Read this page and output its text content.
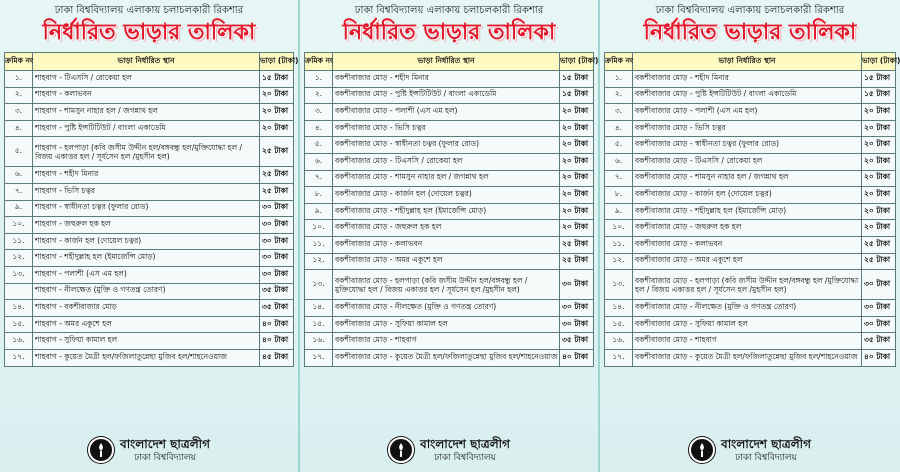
ঢাকা বিশ্ববিদ্যালয় এলাকায় চলাচলকারী রিকশার
নির্ধারিত ভাড়ার তালিকা
ক্রমিক নং	ভাড়া নির্ধারিত স্থান	ভাড়া (টাকা)
১.	শাহবাগ - টিএসসি / রোকেয়া হল	১৫ টাকা
২.	শাহবাগ - কলাভবন	২০ টাকা
৩.	শাহবাগ - শামসুন নাহার হল / জগন্নাথ হল	২০ টাকা
৪.	শাহবাগ - পুষ্টি ইন্সটিটিউট / বাংলা একাডেমি	২০ টাকা
৫.	শাহবাগ - হলপাড়া (কবি জসীম উদ্দীন হল/বঙ্গবন্ধু হল/মুক্তিযোদ্ধা হল / বিজয় একাত্তর হল / সূর্যসেন হল /মুহসীন হল)	২৫ টাকা
৬.	শাহবাগ - শহীদ মিনার	২৫ টাকা
৭.	শাহবাগ - ভিসি চত্বর	২৫ টাকা
৯.	শাহবাগ - স্বাধীনতা চত্বর (ফুলার রোড)	৩০ টাকা
১০.	শাহবাগ - জহুরুল হক হল	৩০ টাকা
১১.	শাহবাগ - কার্জন হল (দোয়েল চত্বর)	৩০ টাকা
১২.	শাহবাগ - শহীদুল্লাহ হল (ইমার্জেন্সি মোড়)	৩০ টাকা
১৩.	শাহবাগ - পলাশী (এস এম হল)	৩০ টাকা
	শাহবাগ - নীলক্ষেত (মুক্তি ও গণতন্ত্র তোরণ)	৩৫ টাকা
১৪.	শাহবাগ - বকশীবাজার মোড়	৩৫ টাকা
১৫.	শাহবাগ - অমর একুশে হল	৪০ টাকা
১৬.	শাহবাগ - সুফিয়া কামাল হল	৪০ টাকা
১৭.	শাহবাগ - কুয়েত মৈত্রী হল/ফজিলাতুন্নেছা মুজিব হল/শাহনেওয়াজ	৪৫ টাকা
বাংলাদেশ ছাত্রলীগ
ঢাকা বিশ্ববিদ্যালয়
ঢাকা বিশ্ববিদ্যালয় এলাকায় চলাচলকারী রিকশার
নির্ধারিত ভাড়ার তালিকা
ক্রমিক নং	ভাড়া নির্ধারিত স্থান	ভাড়া (টাকা)
১.	বকশীবাজার মোড় - শহীদ মিনার	১৫ টাকা
২.	বকশীবাজার মোড় - পুষ্টি ইন্সটিটিউট / বাংলা একাডেমি	১৫ টাকা
৩.	বকশীবাজার মোড় - পলাশী (এস এম হল)	২০ টাকা
৪.	বকশীবাজার মোড় - ভিসি চত্বর	২০ টাকা
৫.	বকশীবাজার মোড় - স্বাধীনতা চত্বর (ফুলার রোড)	২০ টাকা
৬.	বকশীবাজার মোড় - টিএসসি / রোকেয়া হল	২০ টাকা
৭.	বকশীবাজার মোড় - শামসুন নাহার হল / জগন্নাথ হল	২০ টাকা
৮.	বকশীবাজার মোড় - কার্জন হল (দোয়েল চত্বর)	২০ টাকা
৯.	বকশীবাজার মোড় - শহীদুল্লাহ হল (ইমার্জেন্সি মোড়)	২০ টাকা
১০.	বকশীবাজার মোড় - জহুরুল হক হল	২০ টাকা
১১.	বকশীবাজার মোড় - কলাভবন	২৫ টাকা
১২.	বকশীবাজার মোড় - অমর একুশে হল	২৫ টাকা
১৩.	বকশীবাজার মোড় - হলপাড়া (কবি জসীম উদ্দীন হল/বঙ্গবন্ধু হল /মুক্তিযোদ্ধা হল / বিজয় একাত্তর হল / সূর্যসেন হল /মুহসীন হল)	৩০ টাকা
১৪.	বকশীবাজার মোড় - নীলক্ষেত (মুক্তি ও গণতন্ত্র তোরণ)	৩০ টাকা
১৫.	বকশীবাজার মোড় - সুফিয়া কামাল হল	৩০ টাকা
১৬.	বকশীবাজার মোড় - শাহবাগ	৩৫ টাকা
১৭.	বকশীবাজার মোড় - কুয়েত মৈত্রী হল/ফজিলাতুন্নেছা মুজিব হল/শাহনেওয়াজ	৪০ টাকা
বাংলাদেশ ছাত্রলীগ
ঢাকা বিশ্ববিদ্যালয়
ঢাকা বিশ্ববিদ্যালয় এলাকায় চলাচলকারী রিকশার
নির্ধারিত ভাড়ার তালিকা
ক্রমিক নং	ভাড়া নির্ধারিত স্থান	ভাড়া (টাকা)
১.	বকশীবাজার মোড় - শহীদ মিনার	১৫ টাকা
২.	বকশীবাজার মোড় - পুষ্টি ইন্সটিটিউট / বাংলা একাডেমি	১৫ টাকা
৩.	বকশীবাজার মোড় - পলাশী (এস এম হল)	২০ টাকা
৪.	বকশীবাজার মোড় - ভিসি চত্বর	২০ টাকা
৫.	বকশীবাজার মোড় - স্বাধীনতা চত্বর (ফুলার রোড)	২০ টাকা
৬.	বকশীবাজার মোড় - টিএসসি / রোকেয়া হল	২০ টাকা
৭.	বকশীবাজার মোড় - শামসুন নাহার হল / জগন্নাথ হল	২০ টাকা
৮.	বকশীবাজার মোড় - কার্জন হল (দোয়েল চত্বর)	২০ টাকা
৯.	বকশীবাজার মোড় - শহীদুল্লাহ হল (ইমার্জেন্সি মোড়)	২০ টাকা
১০.	বকশীবাজার মোড় - জহুরুল হক হল	২০ টাকা
১১.	বকশীবাজার মোড় - কলাভবন	২৫ টাকা
১২.	বকশীবাজার মোড় - অমর একুশে হল	২৫ টাকা
১৩.	বকশীবাজার মোড় - হলপাড়া (কবি জসীম উদ্দীন হল/বঙ্গবন্ধু হল /মুক্তিযোদ্ধা হল / বিজয় একাত্তর হল / সূর্যসেন হল /মুহসীন হল)	৩০ টাকা
১৪.	বকশীবাজার মোড় - নীলক্ষেত (মুক্তি ও গণতন্ত্র তোরণ)	৩০ টাকা
১৫.	বকশীবাজার মোড় - সুফিয়া কামাল হল	৩০ টাকা
১৬.	বকশীবাজার মোড় - শাহবাগ	৩৫ টাকা
১৭.	বকশীবাজার মোড় - কুয়েত মৈত্রী হল/ফজিলাতুন্নেছা মুজিব হল/শাহনেওয়াজ	৪০ টাকা
বাংলাদেশ ছাত্রলীগ
ঢাকা বিশ্ববিদ্যালয়
